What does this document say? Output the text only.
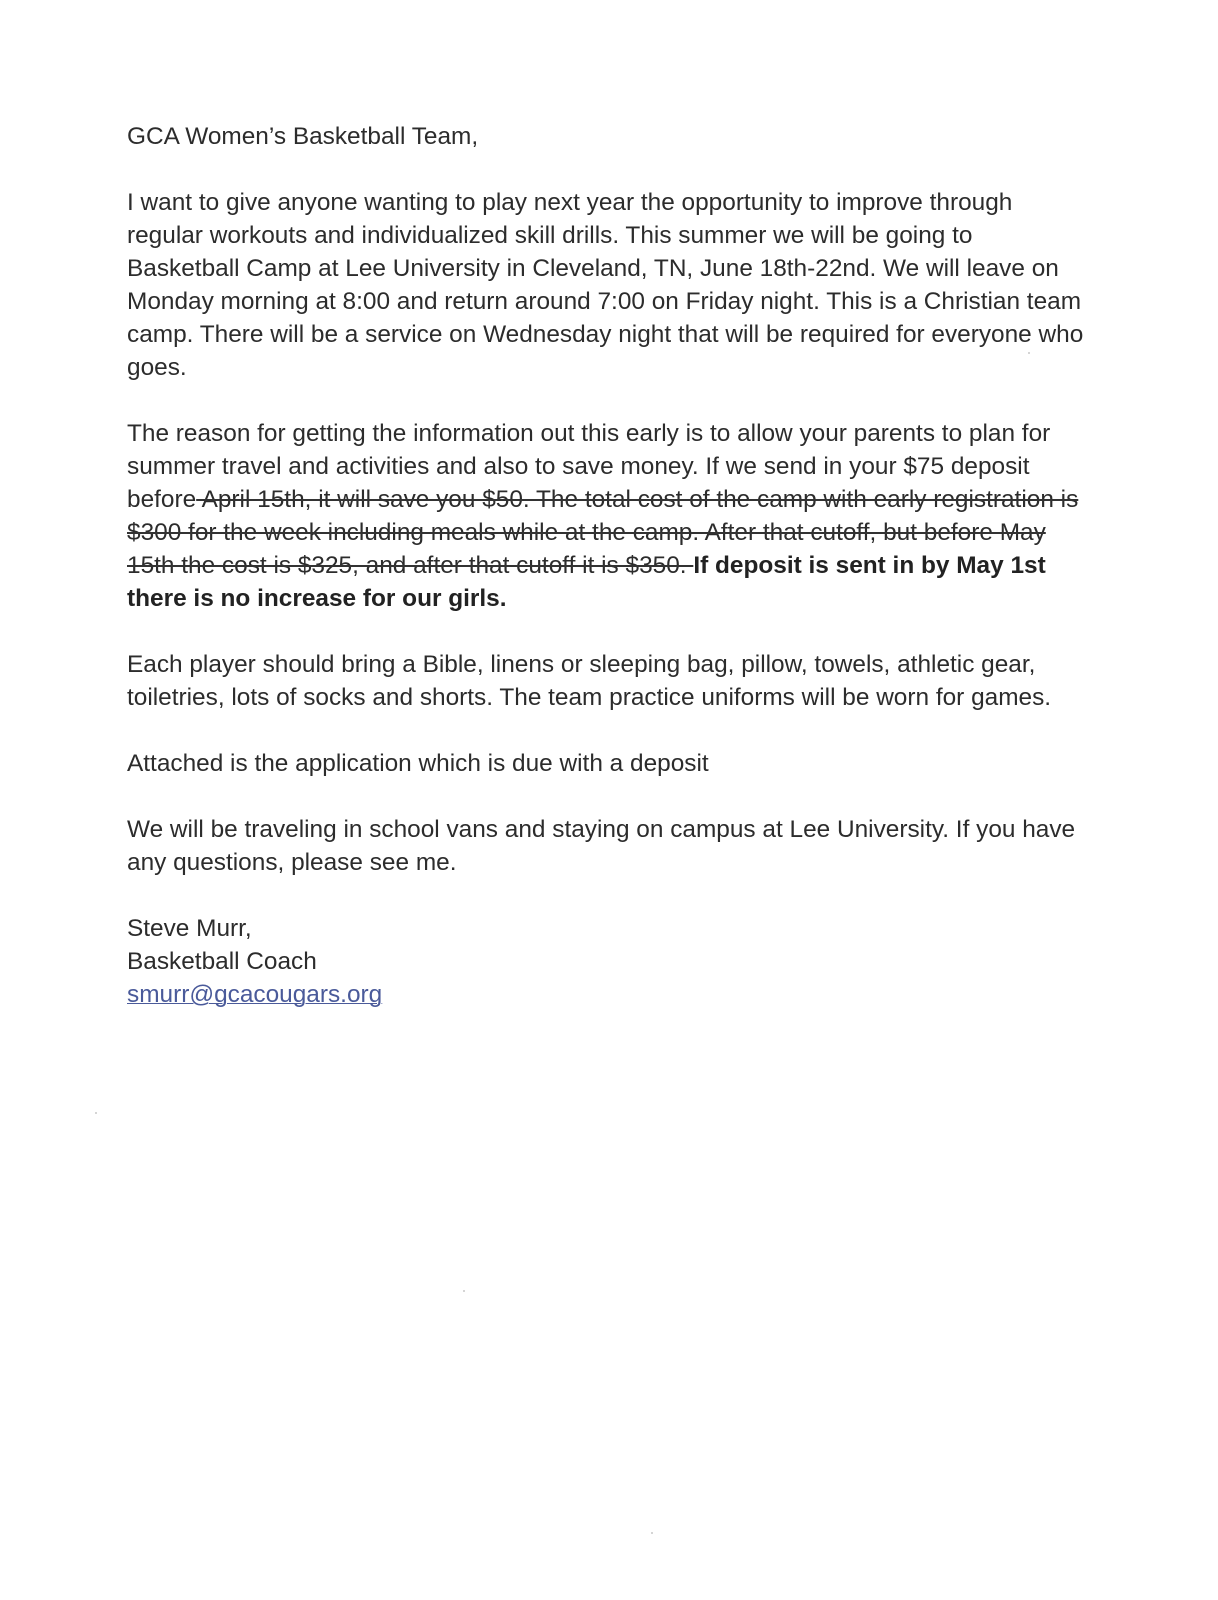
GCA Women’s Basketball Team,

I want to give anyone wanting to play next year the opportunity to improve through regular workouts and individualized skill drills. This summer we will be going to Basketball Camp at Lee University in Cleveland, TN, June 18th-22nd. We will leave on Monday morning at 8:00 and return around 7:00 on Friday night. This is a Christian team camp. There will be a service on Wednesday night that will be required for everyone who goes.

The reason for getting the information out this early is to allow your parents to plan for summer travel and activities and also to save money. If we send in your $75 deposit before April 15th, it will save you $50. The total cost of the camp with early registration is $300 for the week including meals while at the camp. After that cutoff, but before May 15th the cost is $325, and after that cutoff it is $350. If deposit is sent in by May 1st there is no increase for our girls.

Each player should bring a Bible, linens or sleeping bag, pillow, towels, athletic gear, toiletries, lots of socks and shorts. The team practice uniforms will be worn for games.

Attached is the application which is due with a deposit

We will be traveling in school vans and staying on campus at Lee University. If you have any questions, please see me.

Steve Murr,

Basketball Coach

smurr@gcacougars.org
